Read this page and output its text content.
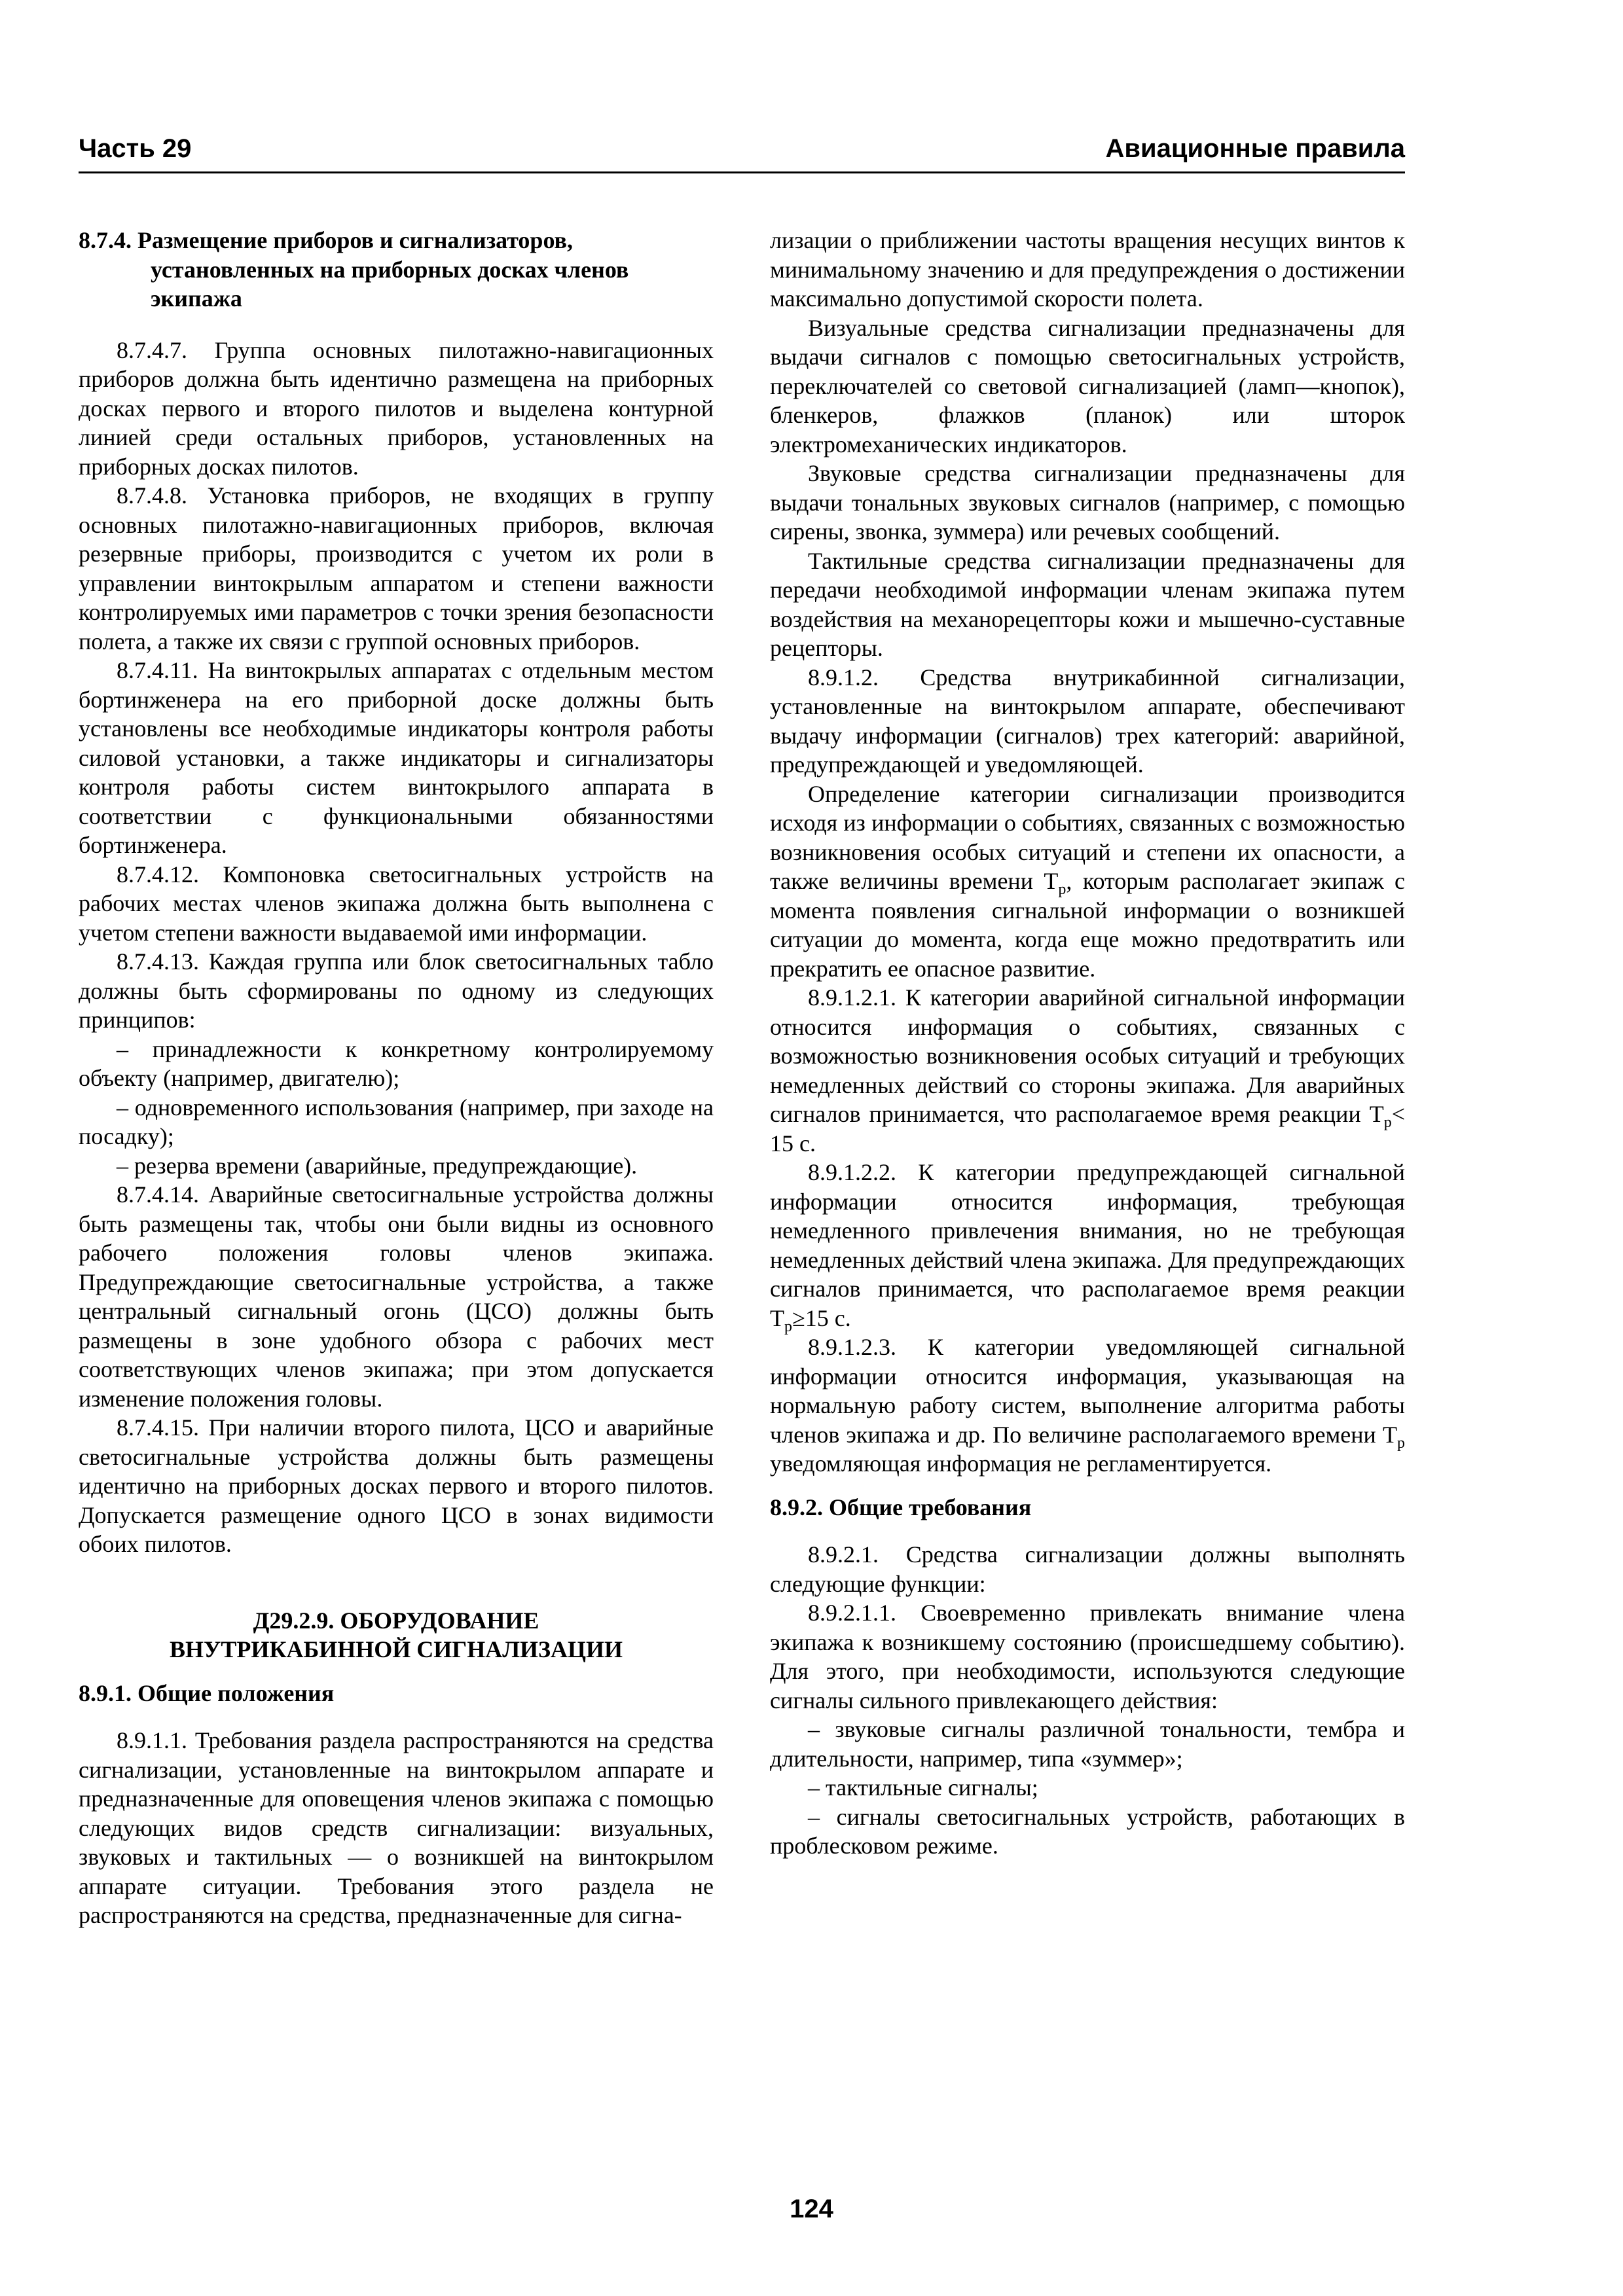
Часть 29	Авиационные правила

8.7.4. Размещение приборов и сигнализаторов, установленных на приборных досках членов экипажа

8.7.4.7. Группа основных пилотажно-навигационных приборов должна быть идентично размещена на приборных досках первого и второго пилотов и выделена контурной линией среди остальных приборов, установленных на приборных досках пилотов.

8.7.4.8. Установка приборов, не входящих в группу основных пилотажно-навигационных приборов, включая резервные приборы, производится с учетом их роли в управлении винтокрылым аппаратом и степени важности контролируемых ими параметров с точки зрения безопасности полета, а также их связи с группой основных приборов.

8.7.4.11. На винтокрылых аппаратах с отдельным местом бортинженера на его приборной доске должны быть установлены все необходимые индикаторы контроля работы силовой установки, а также индикаторы и сигнализаторы контроля работы систем винтокрылого аппарата в соответствии с функциональными обязанностями бортинженера.

8.7.4.12. Компоновка светосигнальных устройств на рабочих местах членов экипажа должна быть выполнена с учетом степени важности выдаваемой ими информации.

8.7.4.13. Каждая группа или блок светосигнальных табло должны быть сформированы по одному из следующих принципов:

– принадлежности к конкретному контролируемому объекту (например, двигателю);

– одновременного использования (например, при заходе на посадку);

– резерва времени (аварийные, предупреждающие).

8.7.4.14. Аварийные светосигнальные устройства должны быть размещены так, чтобы они были видны из основного рабочего положения головы членов экипажа. Предупреждающие светосигнальные устройства, а также центральный сигнальный огонь (ЦСО) должны быть размещены в зоне удобного обзора с рабочих мест соответствующих членов экипажа; при этом допускается изменение положения головы.

8.7.4.15. При наличии второго пилота, ЦСО и аварийные светосигнальные устройства должны быть размещены идентично на приборных досках первого и второго пилотов. Допускается размещение одного ЦСО в зонах видимости обоих пилотов.

Д29.2.9. ОБОРУДОВАНИЕ
ВНУТРИКАБИННОЙ СИГНАЛИЗАЦИИ

8.9.1. Общие положения

8.9.1.1. Требования раздела распространяются на средства сигнализации, установленные на винтокрылом аппарате и предназначенные для оповещения членов экипажа с помощью следующих видов средств сигнализации: визуальных, звуковых и тактильных — о возникшей на винтокрылом аппарате ситуации. Требования этого раздела не распространяются на средства, предназначенные для сигна-

лизации о приближении частоты вращения несущих винтов к минимальному значению и для предупреждения о достижении максимально допустимой скорости полета.

Визуальные средства сигнализации предназначены для выдачи сигналов с помощью светосигнальных устройств, переключателей со световой сигнализацией (ламп—кнопок), бленкеров, флажков (планок) или шторок электромеханических индикаторов.

Звуковые средства сигнализации предназначены для выдачи тональных звуковых сигналов (например, с помощью сирены, звонка, зуммера) или речевых сообщений.

Тактильные средства сигнализации предназначены для передачи необходимой информации членам экипажа путем воздействия на механорецепторы кожи и мышечно-суставные рецепторы.

8.9.1.2. Средства внутрикабинной сигнализации, установленные на винтокрылом аппарате, обеспечивают выдачу информации (сигналов) трех категорий: аварийной, предупреждающей и уведомляющей.

Определение категории сигнализации производится исходя из информации о событиях, связанных с возможностью возникновения особых ситуаций и степени их опасности, а также величины времени $Т_р$, которым располагает экипаж с момента появления сигнальной информации о возникшей ситуации до момента, когда еще можно предотвратить или прекратить ее опасное развитие.

8.9.1.2.1. К категории аварийной сигнальной информации относится информация о событиях, связанных с возможностью возникновения особых ситуаций и требующих немедленных действий со стороны экипажа. Для аварийных сигналов принимается, что располагаемое время реакции $Т_р< 15$ с.

8.9.1.2.2. К категории предупреждающей сигнальной информации относится информация, требующая немедленного привлечения внимания, но не требующая немедленных действий члена экипажа. Для предупреждающих сигналов принимается, что располагаемое время реакции $Т_р\ge 15$ с.

8.9.1.2.3. К категории уведомляющей сигнальной информации относится информация, указывающая на нормальную работу систем, выполнение алгоритма работы членов экипажа и др. По величине располагаемого времени $Т_р$ уведомляющая информация не регламентируется.

8.9.2. Общие требования

8.9.2.1. Средства сигнализации должны выполнять следующие функции:

8.9.2.1.1. Своевременно привлекать внимание члена экипажа к возникшему состоянию (происшедшему событию). Для этого, при необходимости, используются следующие сигналы сильного привлекающего действия:

– звуковые сигналы различной тональности, тембра и длительности, например, типа «зуммер»;

– тактильные сигналы;

– сигналы светосигнальных устройств, работающих в проблесковом режиме.

124
